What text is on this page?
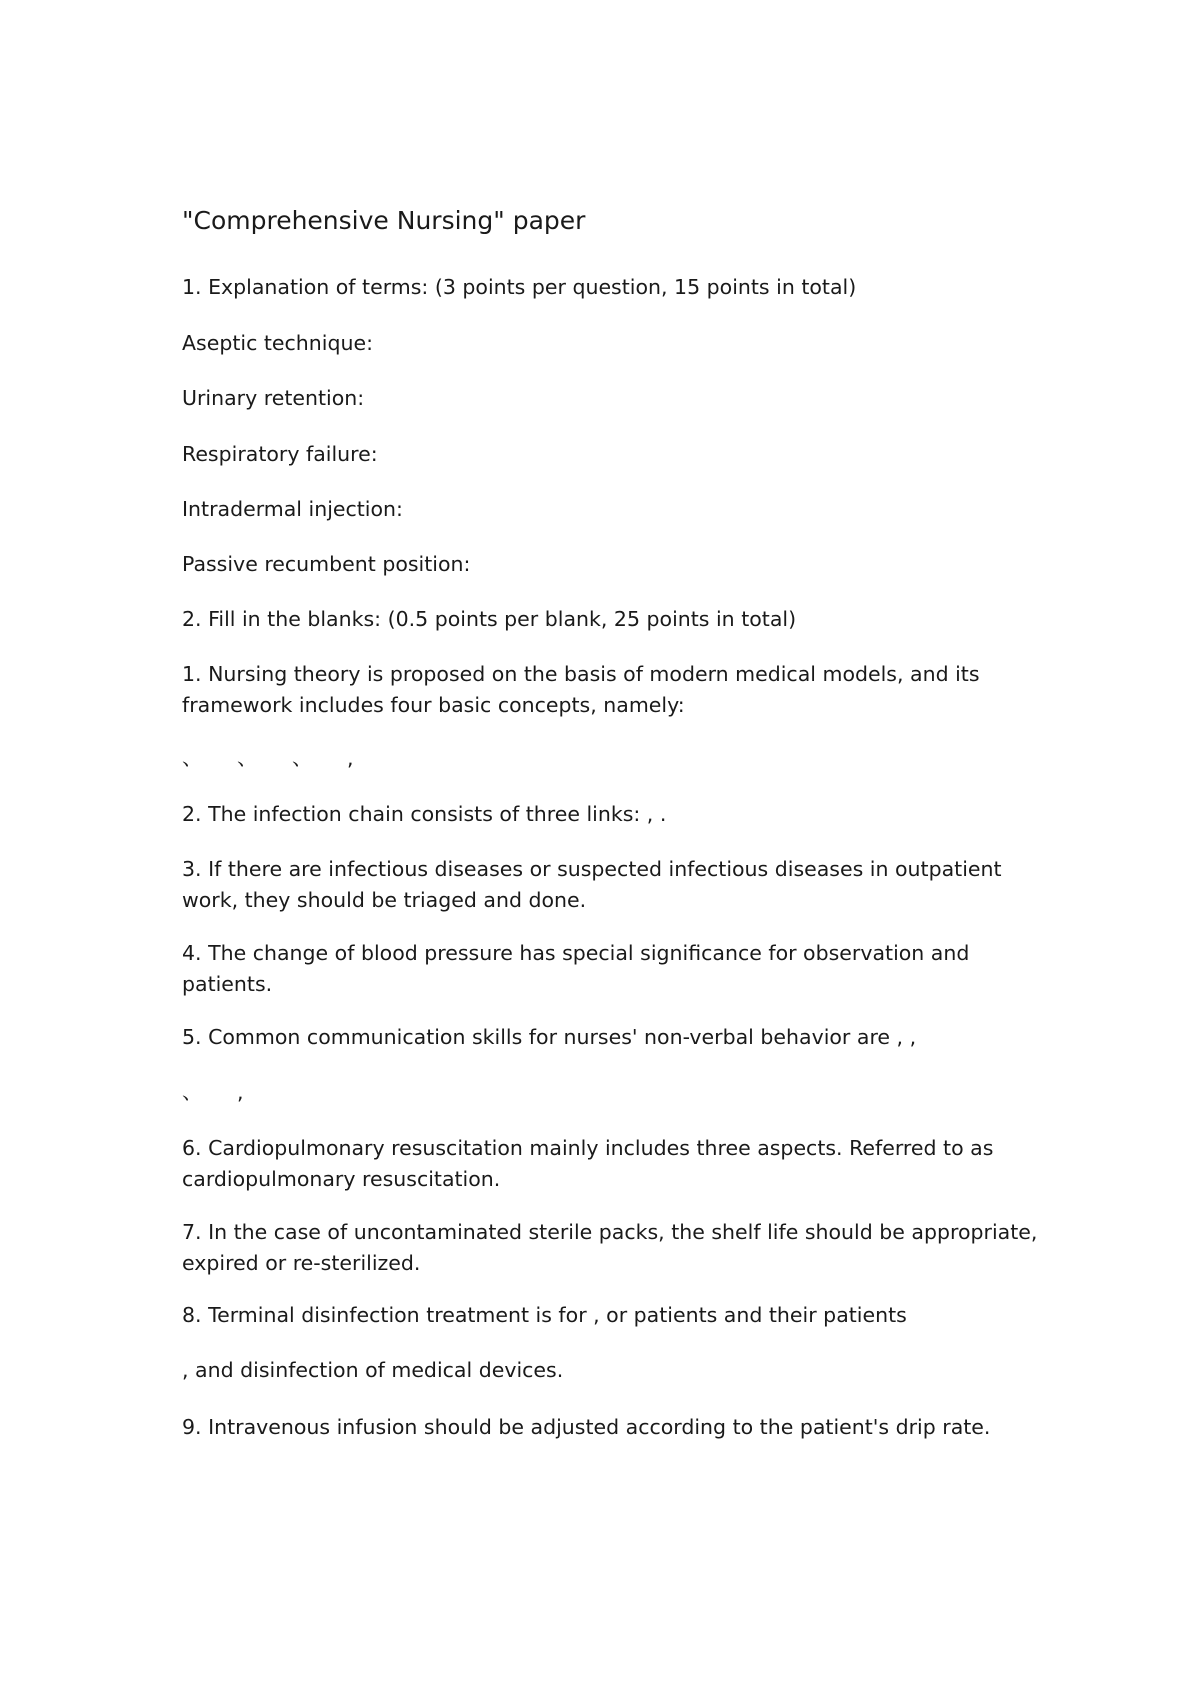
"Comprehensive Nursing" paper

1. Explanation of terms: (3 points per question, 15 points in total)

Aseptic technique:

Urinary retention:

Respiratory failure:

Intradermal injection:

Passive recumbent position:

2. Fill in the blanks: (0.5 points per blank, 25 points in total)

1. Nursing theory is proposed on the basis of modern medical models, and its framework includes four basic concepts, namely:

、 、 、 ,

2. The infection chain consists of three links: , .

3. If there are infectious diseases or suspected infectious diseases in outpatient work, they should be triaged and done.

4. The change of blood pressure has special significance for observation and patients.

5. Common communication skills for nurses' non-verbal behavior are , ,

、 ,

6. Cardiopulmonary resuscitation mainly includes three aspects. Referred to as cardiopulmonary resuscitation.

7. In the case of uncontaminated sterile packs, the shelf life should be appropriate, expired or re-sterilized.

8. Terminal disinfection treatment is for , or patients and their patients

, and disinfection of medical devices.

9. Intravenous infusion should be adjusted according to the patient's drip rate.
